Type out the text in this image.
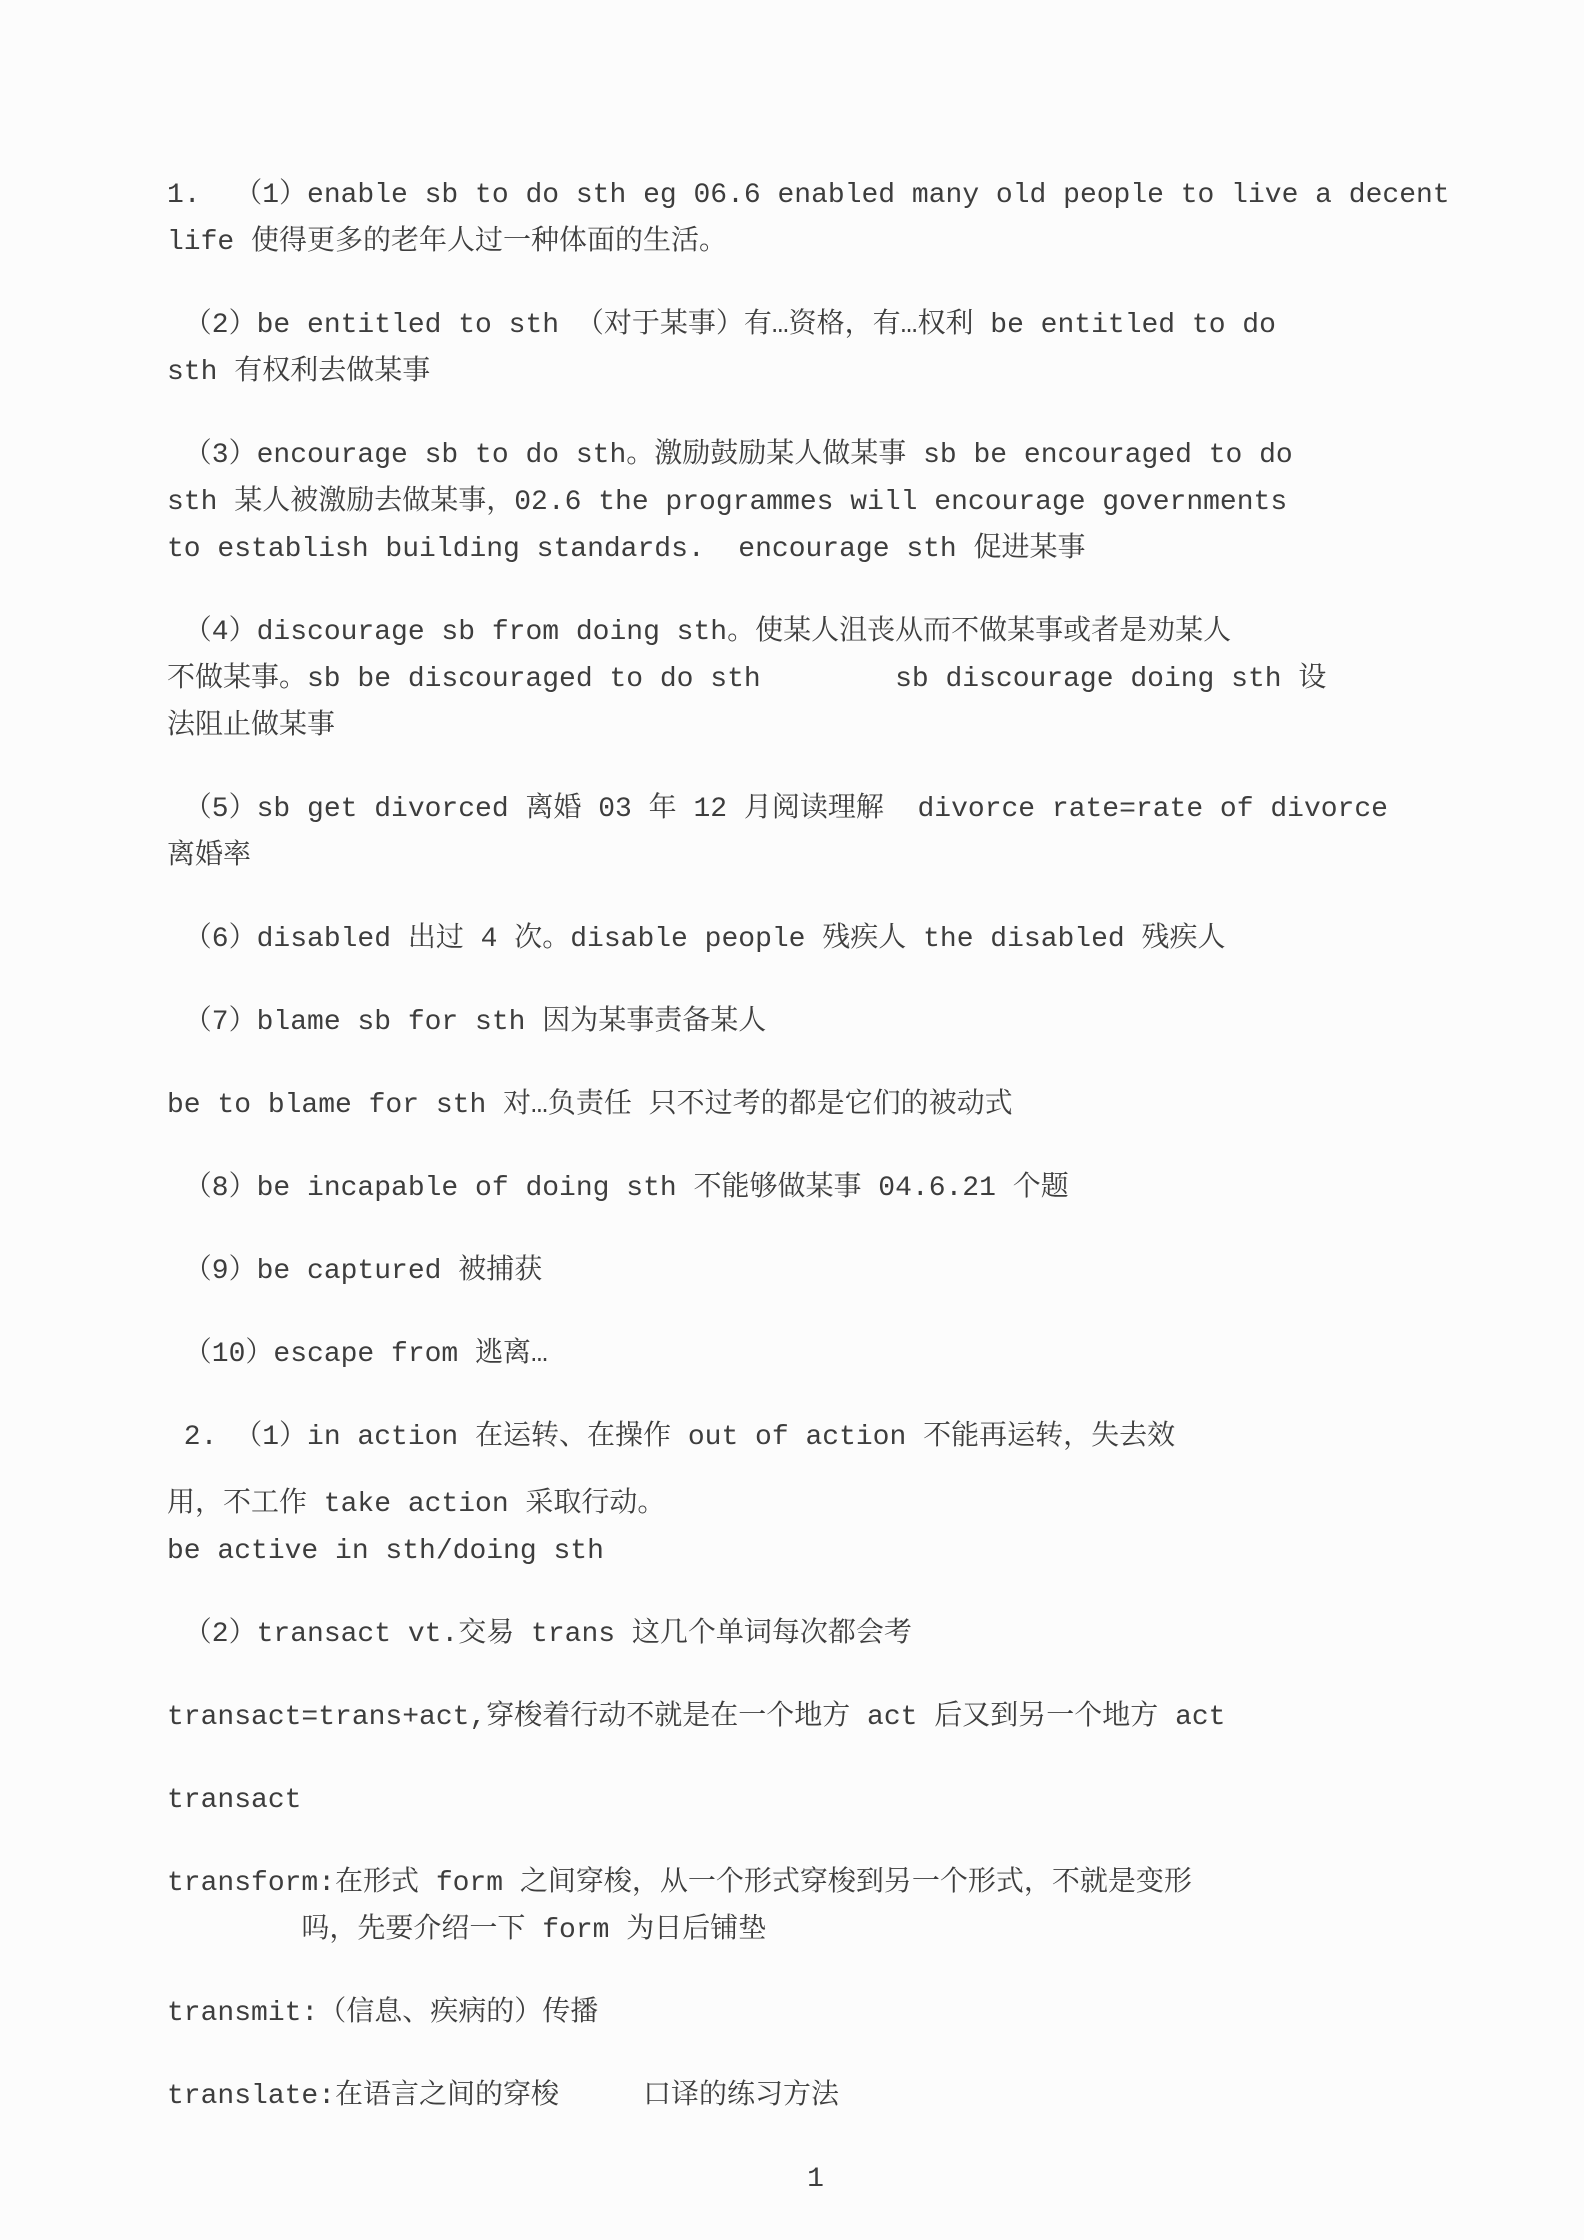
1.  （1）enable sb to do sth eg 06.6 enabled many old people to live a decent
life 使得更多的老年人过一种体面的生活。

（2）be entitled to sth （对于某事）有…资格，有…权利 be entitled to do
sth 有权利去做某事

（3）encourage sb to do sth。激励鼓励某人做某事 sb be encouraged to do
sth 某人被激励去做某事，02.6 the programmes will encourage governments
to establish building standards.  encourage sth 促进某事

（4）discourage sb from doing sth。使某人沮丧从而不做某事或者是劝某人
不做某事。sb be discouraged to do sth        sb discourage doing sth 设
法阻止做某事

（5）sb get divorced 离婚 03 年 12 月阅读理解  divorce rate=rate of divorce
离婚率

（6）disabled 出过 4 次。disable people 残疾人 the disabled 残疾人

（7）blame sb for sth 因为某事责备某人

be to blame for sth 对…负责任 只不过考的都是它们的被动式

（8）be incapable of doing sth 不能够做某事 04.6.21 个题

（9）be captured 被捕获

（10）escape from 逃离…

2. （1）in action 在运转、在操作 out of action 不能再运转，失去效

用，不工作 take action 采取行动。
be active in sth/doing sth

（2）transact vt.交易 trans 这几个单词每次都会考

transact=trans+act,穿梭着行动不就是在一个地方 act 后又到另一个地方 act

transact

transform:在形式 form 之间穿梭，从一个形式穿梭到另一个形式，不就是变形
吗，先要介绍一下 form 为日后铺垫

transmit:（信息、疾病的）传播

translate:在语言之间的穿梭     口译的练习方法

1
